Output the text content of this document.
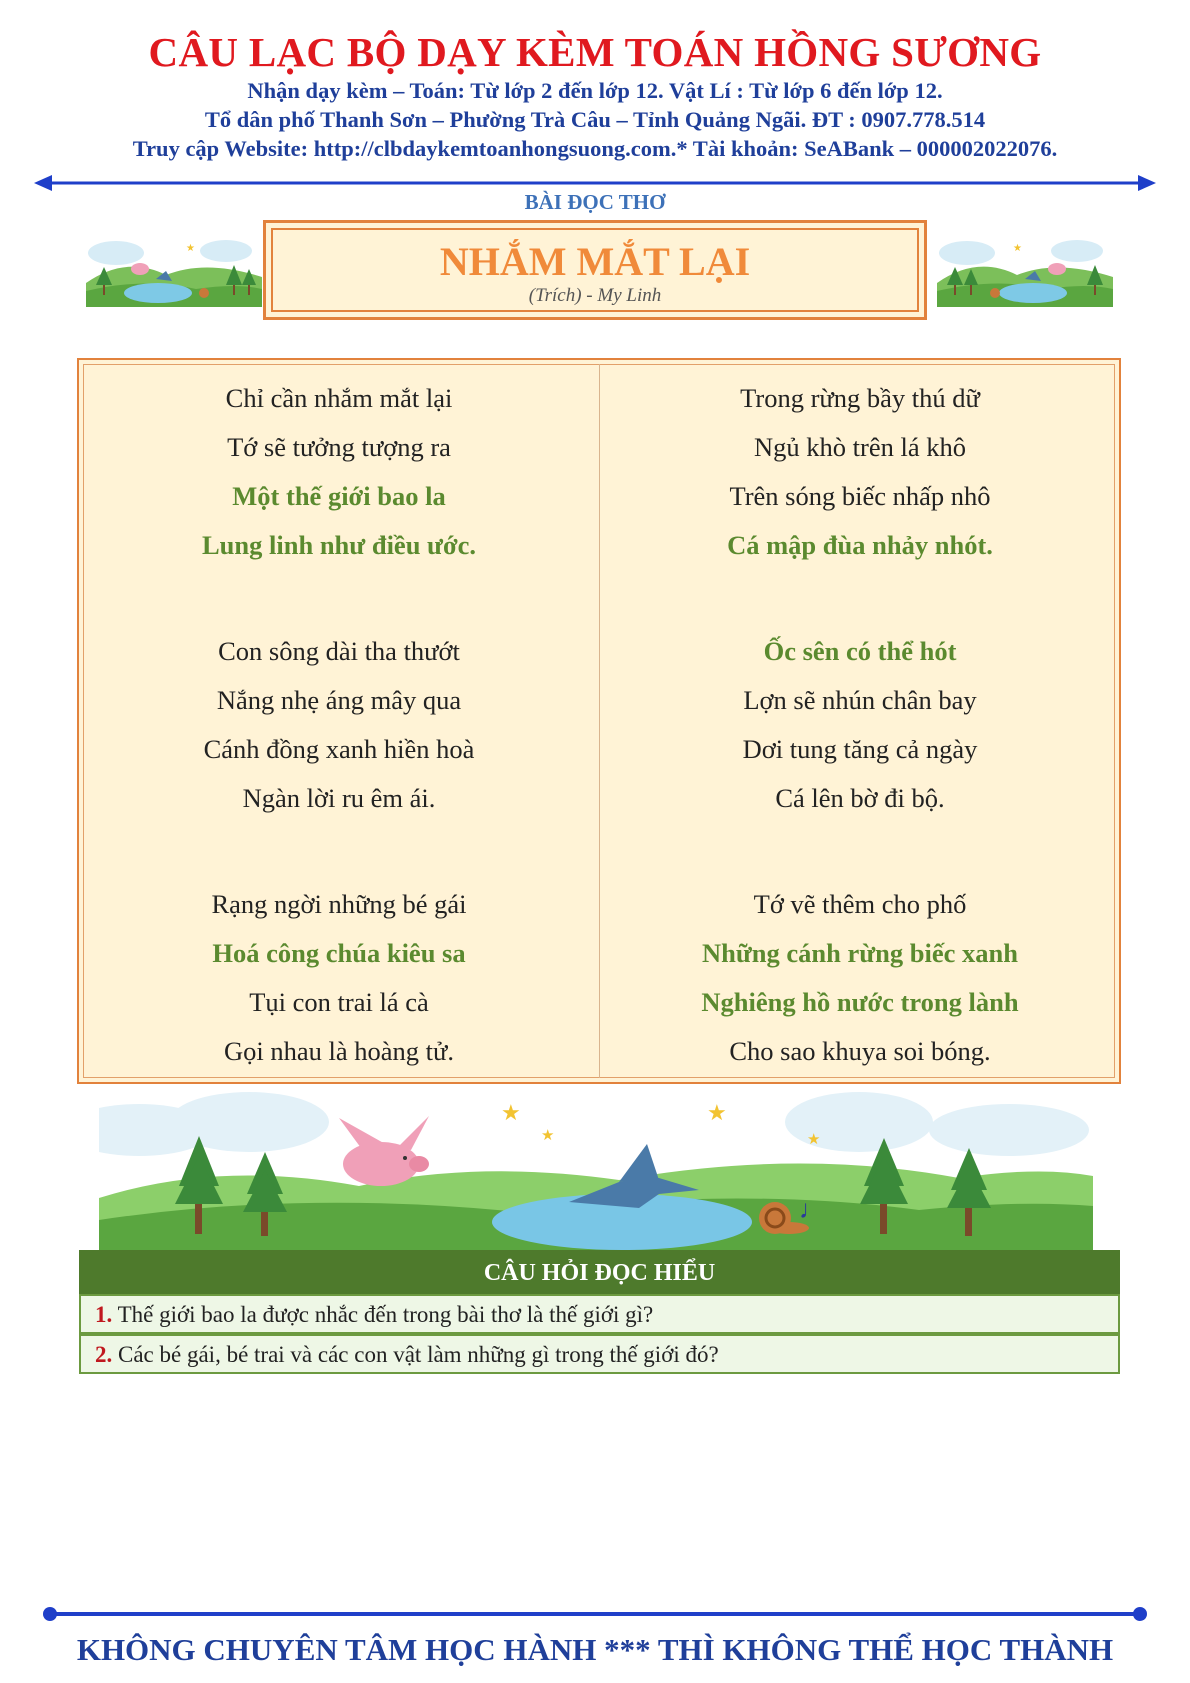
CÂU LẠC BỘ DẠY KÈM TOÁN HỒNG SƯƠNG
Nhận dạy kèm – Toán: Từ lớp 2 đến lớp 12. Vật Lí : Từ lớp 6 đến lớp 12.
Tổ dân phố Thanh Sơn – Phường Trà Câu – Tỉnh Quảng Ngãi. ĐT : 0907.778.514
Truy cập Website: http://clbdaykemtoanhongsuong.com.* Tài khoản: SeABank – 000002022076.
BÀI ĐỌC THƠ
★	★
NHẮM MẮT LẠI
(Trích) - My Linh
Chỉ cần nhắm mắt lại
Tớ sẽ tưởng tượng ra
Một thế giới bao la
Lung linh như điều ước.
Con sông dài tha thướt
Nắng nhẹ áng mây qua
Cánh đồng xanh hiền hoà
Ngàn lời ru êm ái.
Rạng ngời những bé gái
Hoá công chúa kiêu sa
Tụi con trai lá cà
Gọi nhau là hoàng tử.
Trong rừng bầy thú dữ
Ngủ khò trên lá khô
Trên sóng biếc nhấp nhô
Cá mập đùa nhảy nhót.
Ốc sên có thể hót
Lợn sẽ nhún chân bay
Dơi tung tăng cả ngày
Cá lên bờ đi bộ.
Tớ vẽ thêm cho phố
Những cánh rừng biếc xanh
Nghiêng hồ nước trong lành
Cho sao khuya soi bóng.
★
★
★
★
♩
CÂU HỎI ĐỌC HIỂU
1. Thế giới bao la được nhắc đến trong bài thơ là thế giới gì?
2. Các bé gái, bé trai và các con vật làm những gì trong thế giới đó?
KHÔNG CHUYÊN TÂM HỌC HÀNH *** THÌ KHÔNG THỂ HỌC THÀNH
